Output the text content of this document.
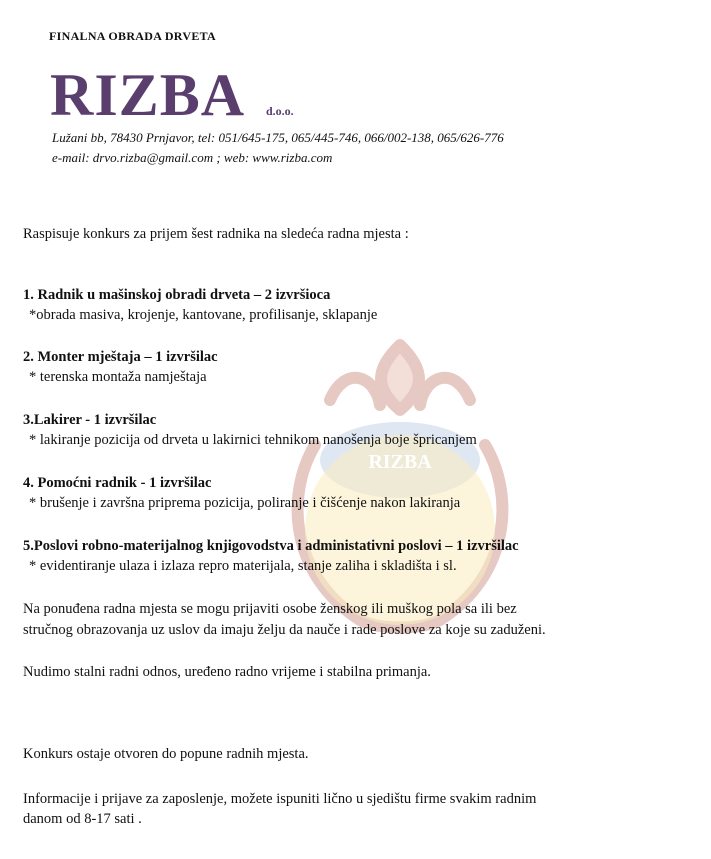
RIZBA
FINALNA OBRADA DRVETA
RIZBA d.o.o.
Lužani bb, 78430 Prnjavor, tel: 051/645-175, 065/445-746, 066/002-138, 065/626-776
e-mail: drvo.rizba@gmail.com ; web: www.rizba.com
Raspisuje konkurs za prijem šest radnika na sledeća radna mjesta :
1. Radnik u mašinskoj obradi drveta – 2 izvršioca
*obrada masiva, krojenje, kantovane, profilisanje, sklapanje
2. Monter mještaja – 1 izvršilac
* terenska montaža namještaja
3.Lakirer - 1 izvršilac
* lakiranje pozicija od drveta u lakirnici tehnikom nanošenja boje špricanjem
4. Pomoćni radnik - 1 izvršilac
* brušenje i završna priprema pozicija, poliranje i čišćenje nakon lakiranja
5.Poslovi robno-materijalnog knjigovodstva i administativni poslovi – 1 izvršilac
* evidentiranje ulaza i izlaza repro materijala, stanje zaliha i skladišta i sl.
Na ponuđena radna mjesta se mogu prijaviti osobe ženskog ili muškog pola sa ili bez
stručnog obrazovanja uz uslov da imaju želju da nauče i rade poslove za koje su zaduženi.
Nudimo stalni radni odnos, uređeno radno vrijeme i stabilna primanja.
Konkurs ostaje otvoren do popune radnih mjesta.
Informacije i prijave za zaposlenje, možete ispuniti lično u sjedištu firme svakim radnim
danom od 8-17 sati .
